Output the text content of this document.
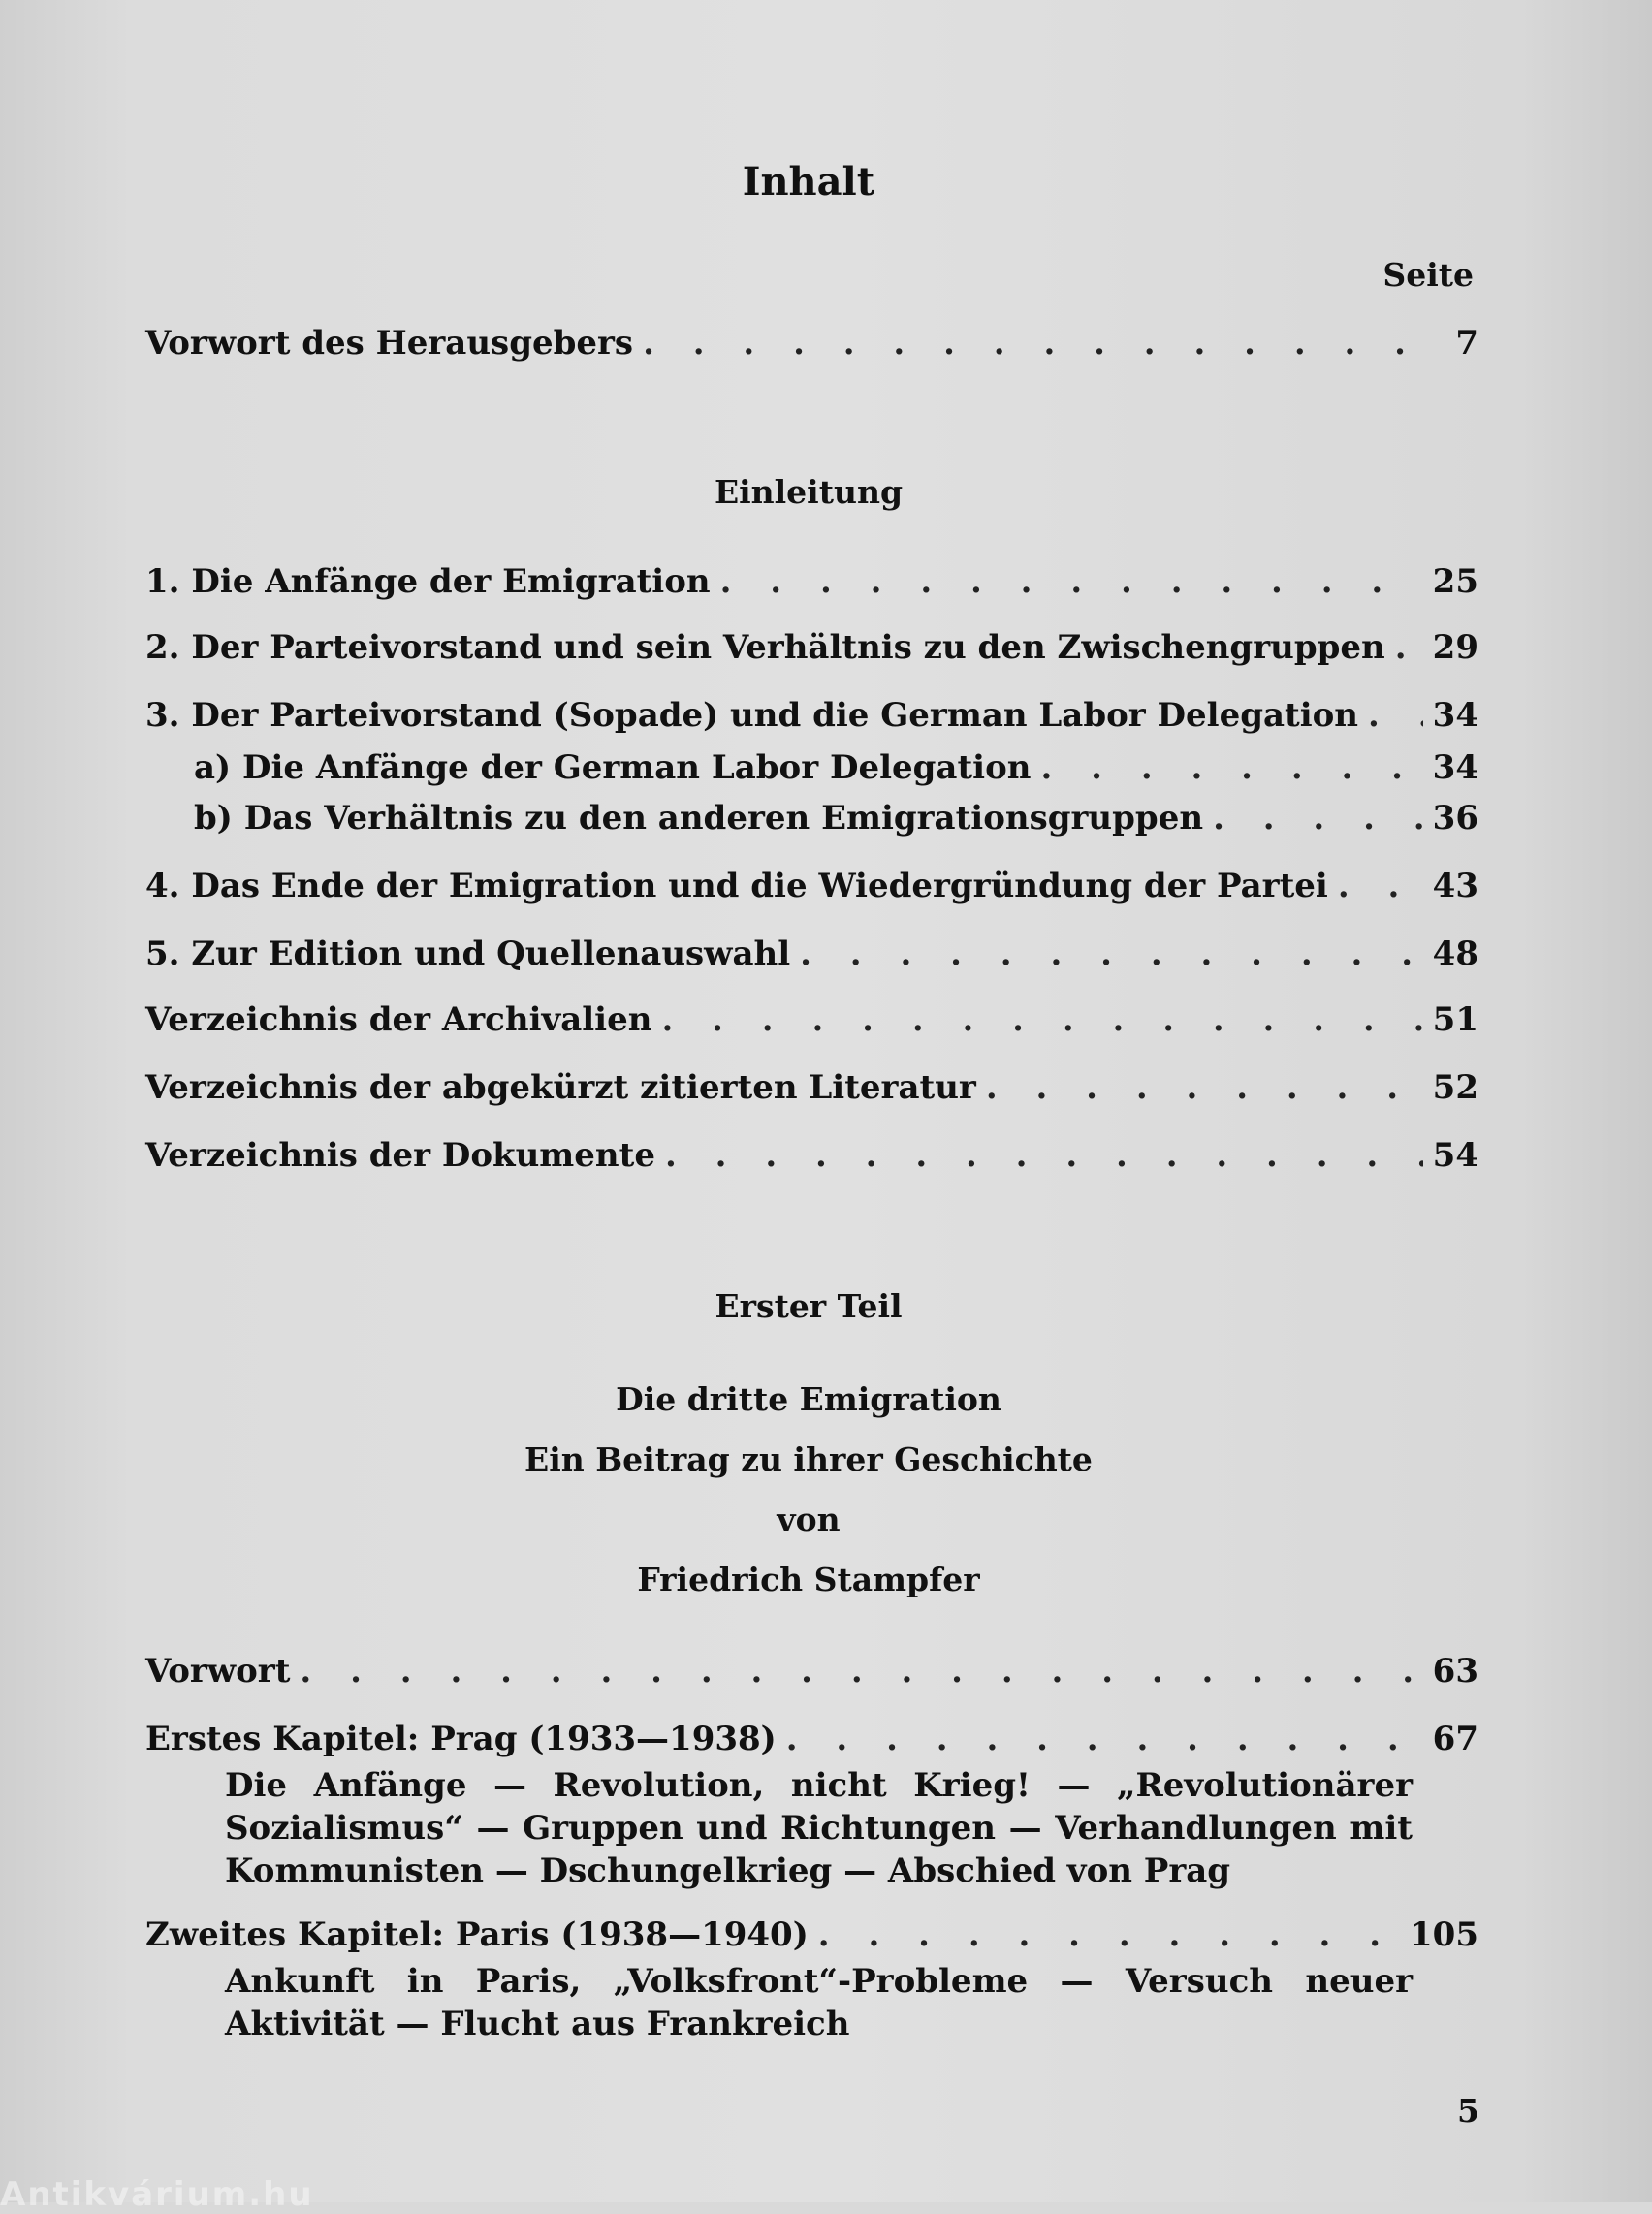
Inhalt
Seite
Vorwort des Herausgebers . . .	7
Einleitung
1. Die Anfänge der Emigration . . .	25
2. Der Parteivorstand und sein Verhältnis zu den Zwischengruppen . . . 29
3. Der Parteivorstand (Sopade) und die German Labor Delegation . . . 34
a) Die Anfänge der German Labor Delegation . . .	34
b) Das Verhältnis zu den anderen Emigrationsgruppen . . .	36
4. Das Ende der Emigration und die Wiedergründung der Partei . . .	43
5. Zur Edition und Quellenauswahl . . .	48
Verzeichnis der Archivalien . . .	51
Verzeichnis der abgekürzt zitierten Literatur . . .	52
Verzeichnis der Dokumente . . .	54
Erster Teil
Die dritte Emigration
Ein Beitrag zu ihrer Geschichte
von
Friedrich Stampfer
Vorwort . . .	63
Erstes Kapitel: Prag (1933—1938) . . .	67
Die Anfänge — Revolution, nicht Krieg! — „Revolutionärer Sozialismus“ — Gruppen und Richtungen — Verhandlungen mit Kommunisten — Dschungelkrieg — Abschied von Prag
Zweites Kapitel: Paris (1938—1940) . . .	105
Ankunft in Paris, „Volksfront“-Probleme — Versuch neuer Aktivität — Flucht aus Frankreich
5
Antikvárium.hu
